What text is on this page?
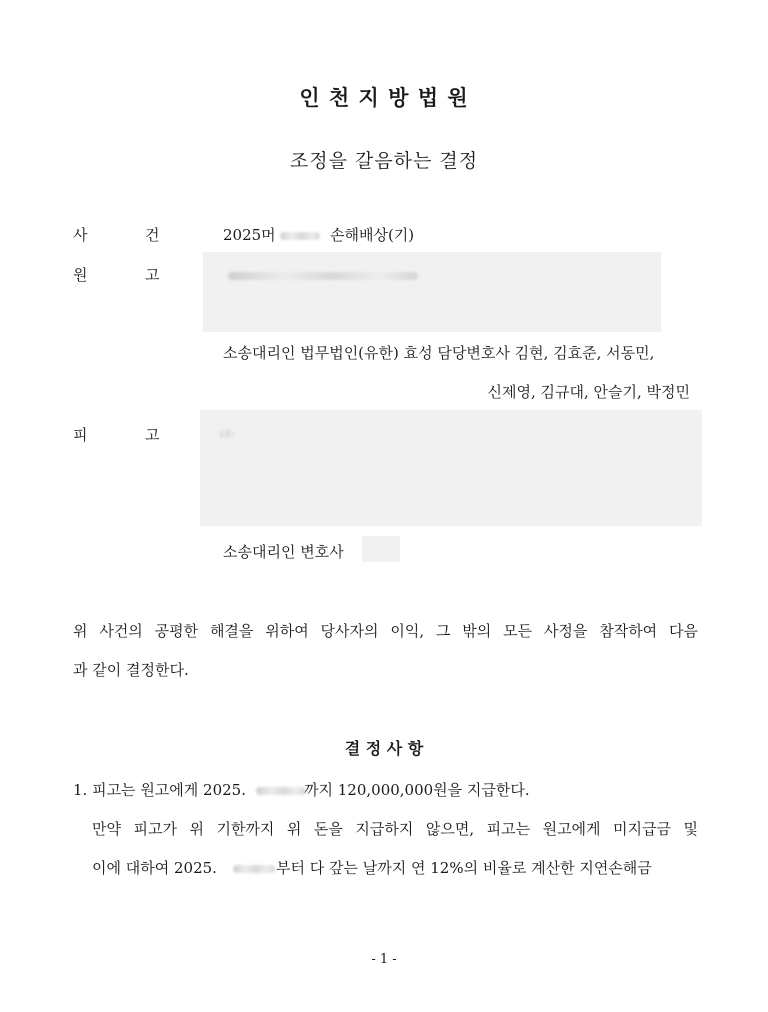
인 천 지 방 법 원
조정을 갈음하는 결정
사	건	2025머	손해배상(기)
원	고
소송대리인 법무법인(유한) 효성 담당변호사 김현, 김효준, 서동민,
신제영, 김규대, 안슬기, 박정민
피	고
소송대리인 변호사
위 사건의 공평한 해결을 위하여 당사자의 이익, 그 밖의 모든 사정을 참작하여 다음
과 같이 결정한다.
결 정 사 항
1. 피고는 원고에게 2025.	까지 120,000,000원을 지급한다.
만약 피고가 위 기한까지 위 돈을 지급하지 않으면, 피고는 원고에게 미지급금 및
이에 대하여 2025.	부터 다 갚는 날까지 연 12%의 비율로 계산한 지연손해금
- 1 -
